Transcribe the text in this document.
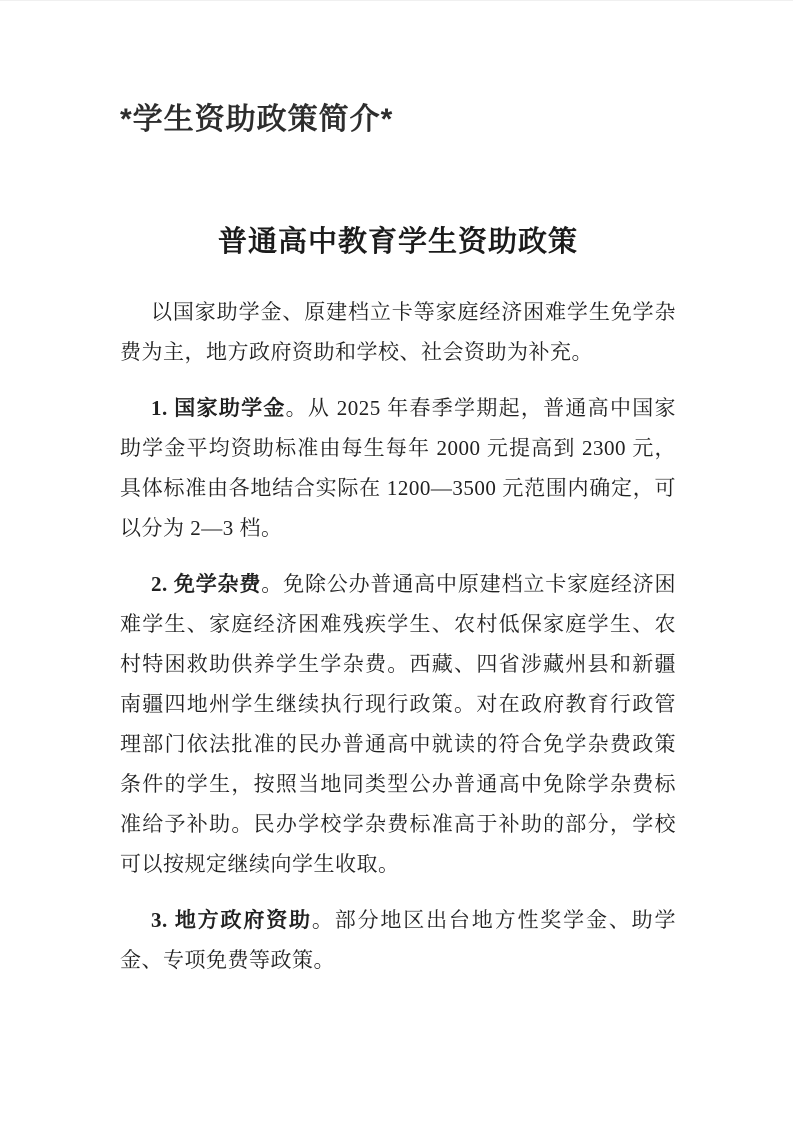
*学生资助政策简介*
普通高中教育学生资助政策

以国家助学金、原建档立卡等家庭经济困难学生免学杂费为主，地方政府资助和学校、社会资助为补充。

1. 国家助学金。从 2025 年春季学期起，普通高中国家助学金平均资助标准由每生每年 2000 元提高到 2300 元，具体标准由各地结合实际在 1200—3500 元范围内确定，可以分为 2—3 档。

2. 免学杂费。免除公办普通高中原建档立卡家庭经济困难学生、家庭经济困难残疾学生、农村低保家庭学生、农村特困救助供养学生学杂费。西藏、四省涉藏州县和新疆南疆四地州学生继续执行现行政策。对在政府教育行政管理部门依法批准的民办普通高中就读的符合免学杂费政策条件的学生，按照当地同类型公办普通高中免除学杂费标准给予补助。民办学校学杂费标准高于补助的部分，学校可以按规定继续向学生收取。

3. 地方政府资助。部分地区出台地方性奖学金、助学金、专项免费等政策。
